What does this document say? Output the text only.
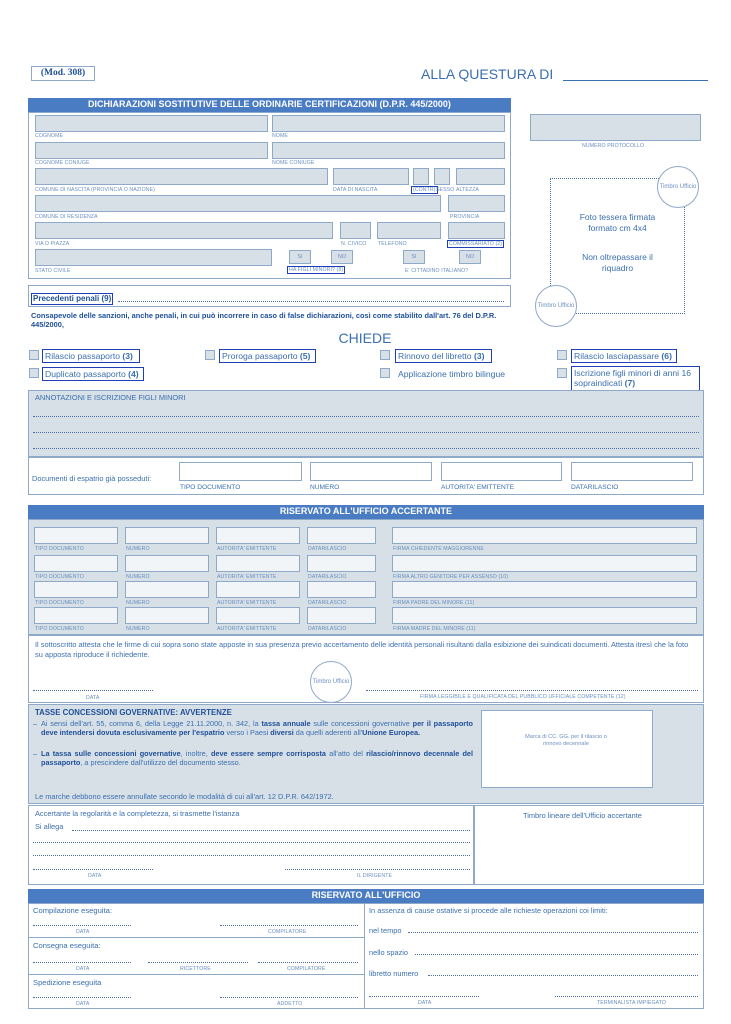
(Mod. 308)	ALLA QUESTURA DI
DICHIARAZIONI SOSTITUTIVE DELLE ORDINARIE CERTIFICAZIONI (D.P.R. 445/2000)
COGNOME	NOME
COGNOME CONIUGE	NOME CONIUGE
COMUNE DI NASCITA (PROVINCIA O NAZIONE)	DATA DI NASCITA	(CONTR) SESSO ALTEZZA
COMUNE DI RESIDENZA	PROVINCIA
VIA O PIAZZA	N. CIVICO TELEFONO	COMMISSARIATO (2)
SI	NO	SI	NO
STATO CIVILE	HA FIGLI MINORI? (8)	E' CITTADINO ITALIANO?
NUMERO PROTOCOLLO
Timbro Ufficio
Foto tessera firmata formato cm 4x4
Non oltrepassare il riquadro
Timbro Ufficio
Precedenti penali (9)
Consapevole delle sanzioni, anche penali, in cui può incorrere in caso di false dichiarazioni, così come stabilito dall'art. 76 del D.P.R. 445/2000,
CHIEDE
Rilascio passaporto (3)	Proroga passaporto (5)	Rinnovo del libretto (3)	Rilascio lasciapassare (6)
Duplicato passaporto (4)	Applicazione timbro bilingue	Iscrizione figli minori di anni 16 sopraindicati (7)
ANNOTAZIONI E ISCRIZIONE FIGLI MINORI
Documenti di espatrio già posseduti:
TIPO DOCUMENTO	NUMERO	AUTORITA' EMITTENTE	DATARILASCIO
RISERVATO ALL'UFFICIO ACCERTANTE
TIPO DOCUMENTO	NUMERO	AUTORITA' EMITTENTE	DATARILASCIO	FIRMA CHIEDENTE MAGGIORENNE
TIPO DOCUMENTO	NUMERO	AUTORITA' EMITTENTE	DATARILASCIO	FIRMA ALTRO GENITORE PER ASSENSO (10)
TIPO DOCUMENTO	NUMERO	AUTORITA' EMITTENTE	DATARILASCIO	FIRMA PADRE DEL MINORE (11)
TIPO DOCUMENTO	NUMERO	AUTORITA' EMITTENTE	DATARILASCIO	FIRMA MADRE DEL MINORE (11)
Il sottoscritto attesta che le firme di cui sopra sono state apposte in sua presenza previo accertamento delle identità personali risultanti dalla esibizione dei suindicati documenti. Attesta itresì che la foto su apposta riproduce il richiedente.
DATA
Timbro Ufficio
FIRMA LEGGIBILE E QUALIFICATA DEL PUBBLICO UFFICIALE COMPETENTE (12)
TASSE CONCESSIONI GOVERNATIVE: AVVERTENZE
– Ai sensi dell'art. 55, comma 6, della Legge 21.11.2000, n. 342, la tassa annuale sulle concessioni governative per il passaporto deve intendersi dovuta esclusivamente per l'espatrio verso i Paesi diversi da quelli aderenti all'Unione Europea.
– La tassa sulle concessioni governative, inoltre, deve essere sempre corrisposta all'atto del rilascio/rinnovo decennale del passaporto, a prescindere dall'utilizzo del documento stesso.
Marca di CC. GG. per il rilascio o rinnovo decennale
Le marche debbono essere annullate secondo le modalità di cui all'art. 12 D.P.R. 642/1972.
Accertante la regolarità e la completezza, si trasmette l'istanza
Si allega
DATA	IL DIRIGENTE
Timbro lineare dell'Ufficio accertante
RISERVATO ALL'UFFICIO
Compilazione eseguita:
DATA	COMPILATORE
Consegna eseguita:
DATA	RICETTORE	COMPILATORE
Spedizione eseguita
DATA	ADDETTO
In assenza di cause ostative si procede alle richieste operazioni coi limiti:
nel tempo
nello spazio
libretto numero
DATA	TERMINALISTA IMPIEGATO
